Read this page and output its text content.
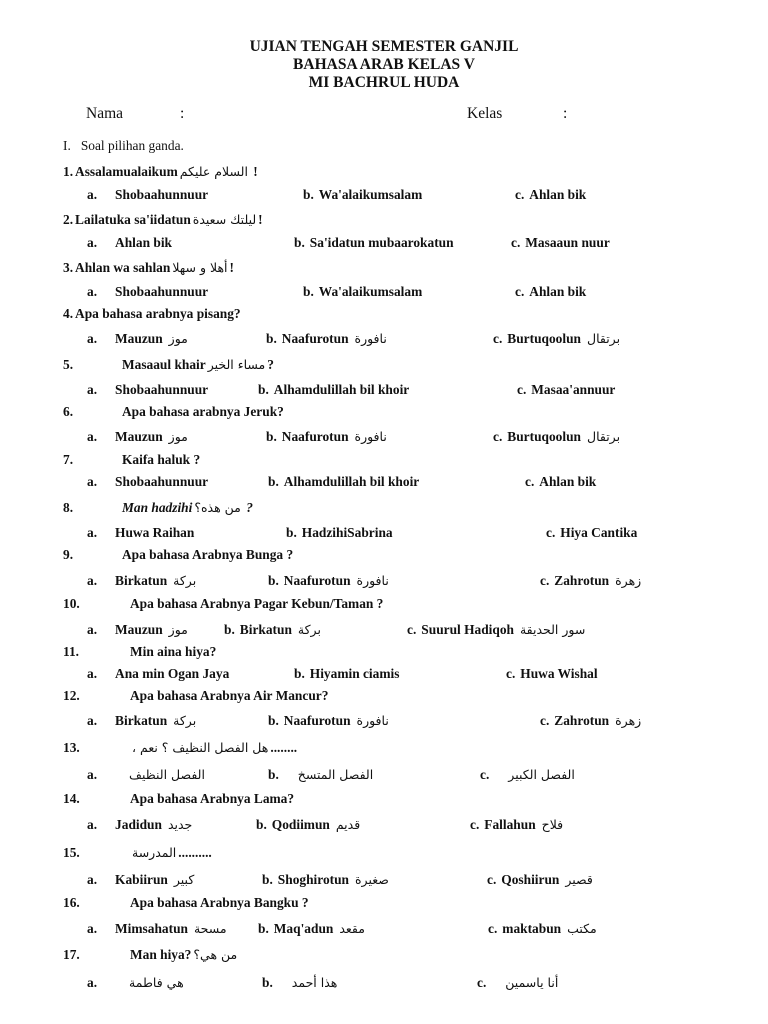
UJIAN TENGAH SEMESTER GANJIL
BAHASA ARAB KELAS V
MI BACHRUL HUDA
Nama	:	Kelas	:
I.   Soal pilihan ganda.
1. Assalamualaikum السلام عليكم !
a. Shobaahunnuur	b. Wa'alaikumsalam	c. Ahlan bik
2. Lailatuka sa'iidatun ليلتك سعيدة !
a. Ahlan bik	b. Sa'idatun mubaarokatun	c. Masaaun nuur
3. Ahlan wa sahlan أهلا و سهلا !
a. Shobaahunnuur	b. Wa'alaikumsalam	c. Ahlan bik
4. Apa bahasa arabnya pisang?
a. Mauzun موز	b. Naafurotun نافورة	c. Burtuqoolun برتقال
5.	Masaaul khair مساء الخير ?
a. Shobaahunnuur	b. Alhamdulillah bil khoir	c. Masaa'annuur
6.	Apa bahasa arabnya Jeruk?
a. Mauzun موز	b. Naafurotun نافورة	c. Burtuqoolun برتقال
7.	Kaifa haluk ?
a. Shobaahunnuur	b. Alhamdulillah bil khoir	c. Ahlan bik
8.	Man hadzihi من هذه؟ ?
a. Huwa Raihan	b. HadzihiSabrina	c. Hiya Cantika
9.	Apa bahasa Arabnya Bunga ?
a. Birkatun بركة	b. Naafurotun نافورة	c. Zahrotun زهرة
10.	Apa bahasa Arabnya Pagar Kebun/Taman ?
a. Mauzun موز	b. Birkatun بركة	c. Suurul Hadiqoh سور الحديقة
11.	Min aina hiya?
a. Ana min Ogan Jaya	b. Hiyamin ciamis	c. Huwa Wishal
12.	Apa bahasa Arabnya Air Mancur?
a. Birkatun بركة	b. Naafurotun نافورة	c. Zahrotun زهرة
13.	هل الفصل النظيف ؟ نعم ، ........
a.	الفصل النظيف	b. الفصل المتسخ	c. الفصل الكبير
14.	Apa bahasa Arabnya Lama?
a. Jadidun جديد	b. Qodiimun قديم	c. Fallahun فلاح
15.	المدرسة ..........
a. Kabiirun كبير	b. Shoghirotun صغيرة	c. Qoshiirun قصير
16.	Apa bahasa Arabnya Bangku ?
a. Mimsahatun مسحة b. Maq'adun مقعد	c. maktabun مكتب
17.	Man hiya? من هي؟
a.	هي فاطمة	b. هذا أحمد	c. أنا ياسمين
